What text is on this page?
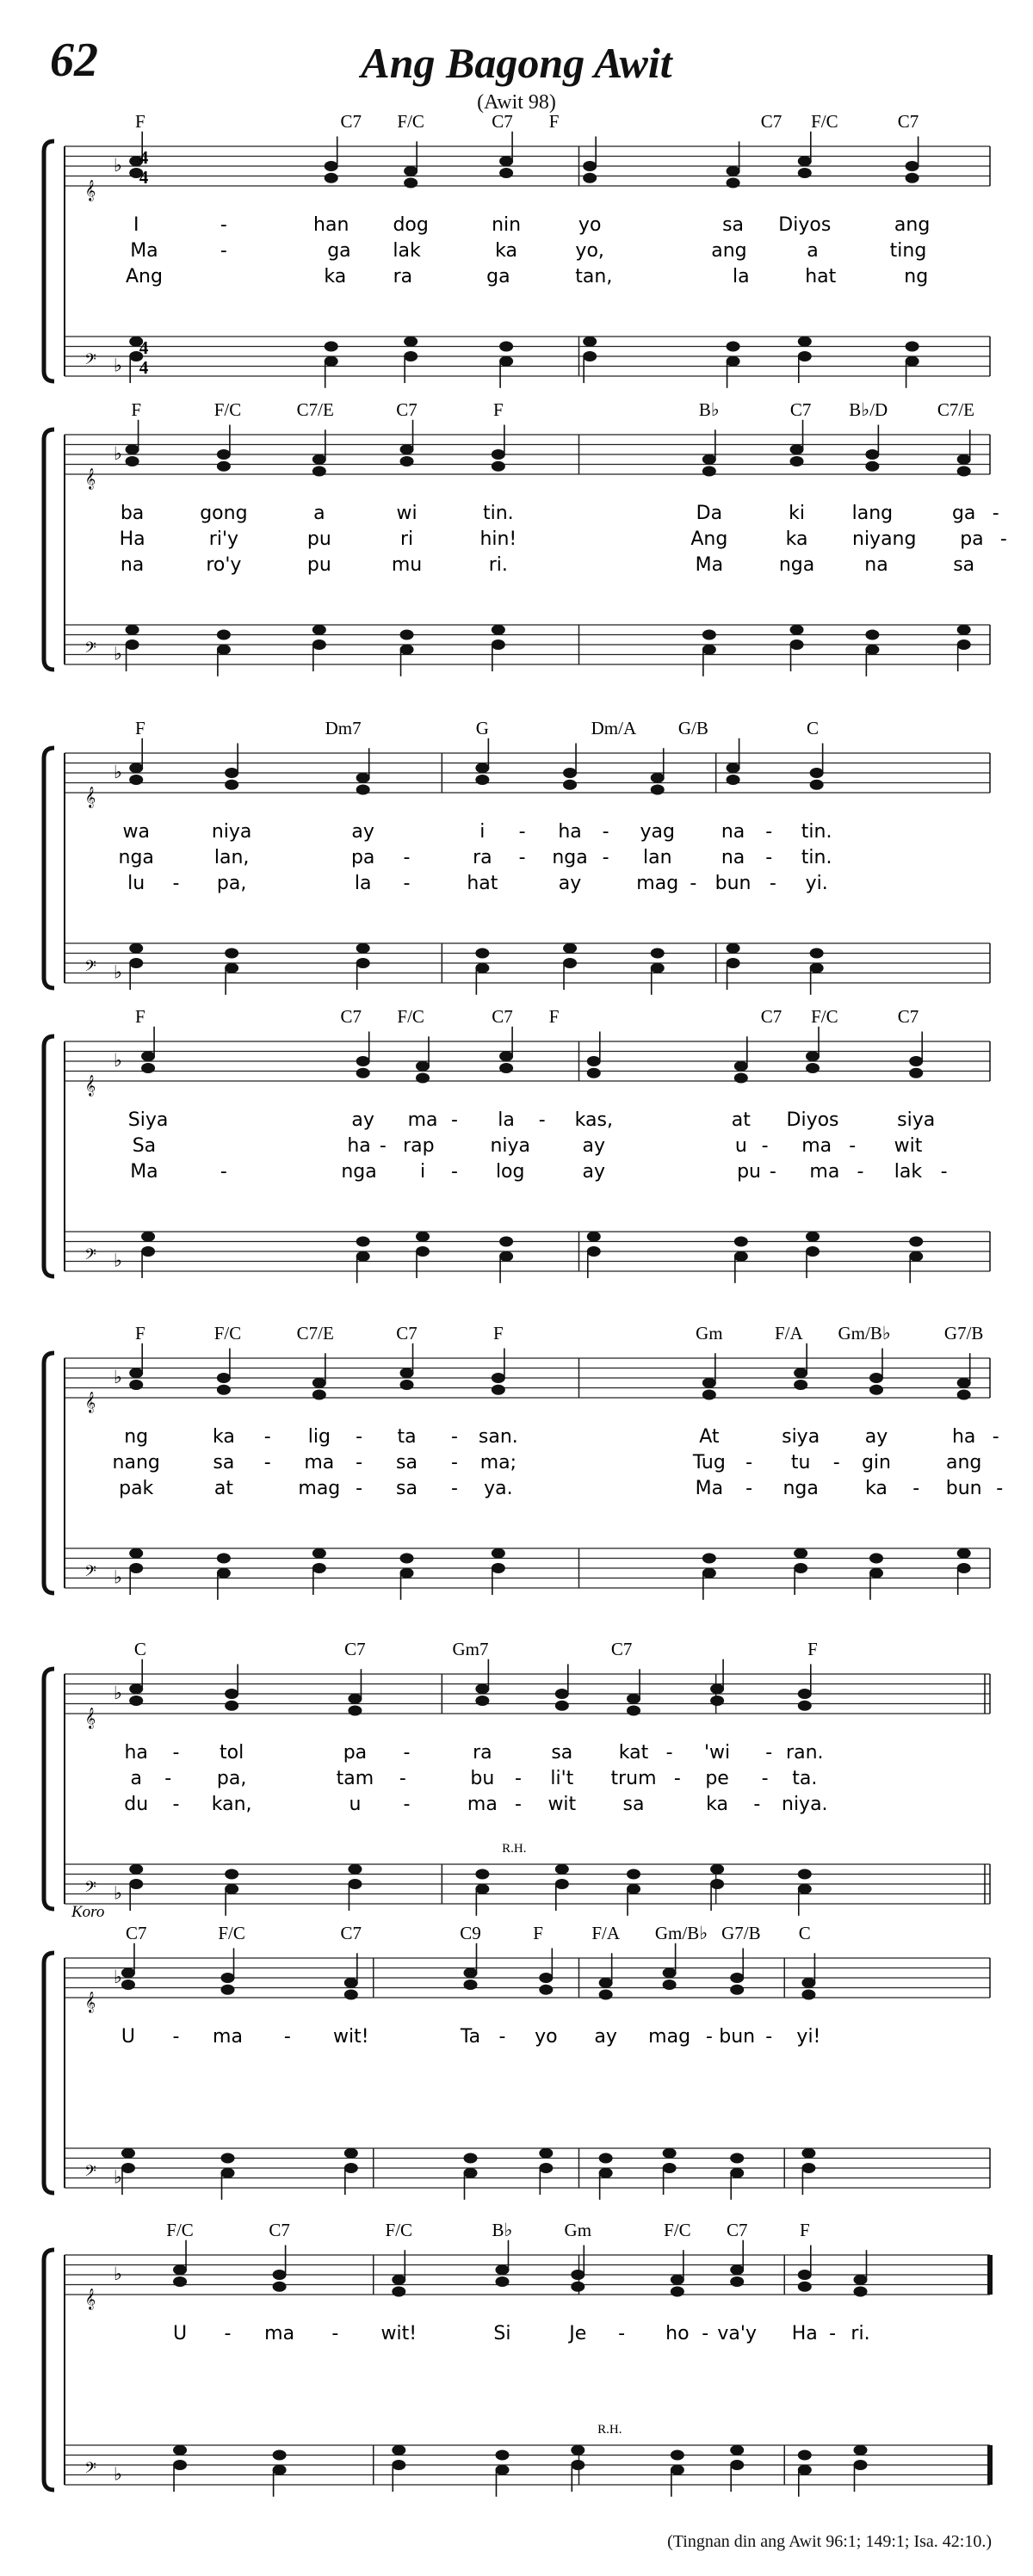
62	Ang Bagong Awit
(Awit 98)
𝄞
𝄢
♭
♭
4
4
4
4
F	C7 F/C	C7 F	C7 F/C	C7
I	-	han dog	nin	yo	sa Diyos	ang
Ma	-	ga lak	ka	yo,	ang	a	ting
Ang	ka ra	ga	tan,	la	hat	ng
𝄞
𝄢
♭
♭
F	F/C	C7/E	C7	F	B♭	C7 B♭/D	C7/E
ba	gong	a	wi	tin.	Da	ki lang	ga -
Ha	ri'y	pu	ri	hin!	Ang	ka niyang pa -
na	ro'y	pu	mu	ri.	Ma	nga	na	sa
𝄞
𝄢
♭
♭
F	Dm7	G	Dm/A G/B	C
wa	niya	ay	i - ha - yag na - tin.
nga	lan,	pa -	ra - nga - lan	na - tin.
lu - pa,	la -	hat	ay	mag - bun - yi.
𝄞
𝄢
♭
♭
F	C7 F/C	C7 F	C7 F/C	C7
Siya	ay ma - la - kas,	at Diyos	siya
Sa	ha - rap	niya	ay	u - ma - wit
Ma	-	nga i - log	ay	pu - ma - lak -
𝄞
𝄢
♭
♭
F	F/C	C7/E	C7	F	Gm	F/A Gm/B♭	G7/B
ng	ka - lig - ta - san.	At	siya ay	ha -
nang	sa - ma - sa - ma;	Tug - tu - gin	ang
pak	at	mag - sa - ya.	Ma - nga ka - bun -
𝄞
𝄢
♭
♭
C	C7	Gm7	C7	F
R.H.
ha - tol	pa -	ra	sa kat - 'wi - ran.
a - pa,	tam -	bu - li't trum - pe - ta.
du - kan,	u -	ma - wit sa	ka - niya.
𝄞
𝄢
♭
♭
C7	F/C	C7	C9	F	F/A Gm/B♭ G7/B C
Koro
U - ma - wit!	Ta - yo ay mag - bun - yi!
𝄞
𝄢
♭
♭
F/C	C7	F/C	B♭	Gm	F/C C7	F
R.H.
U - ma - wit!	Si	Je - ho - va'y Ha - ri.
(Tingnan din ang Awit 96:1; 149:1; Isa. 42:10.)
